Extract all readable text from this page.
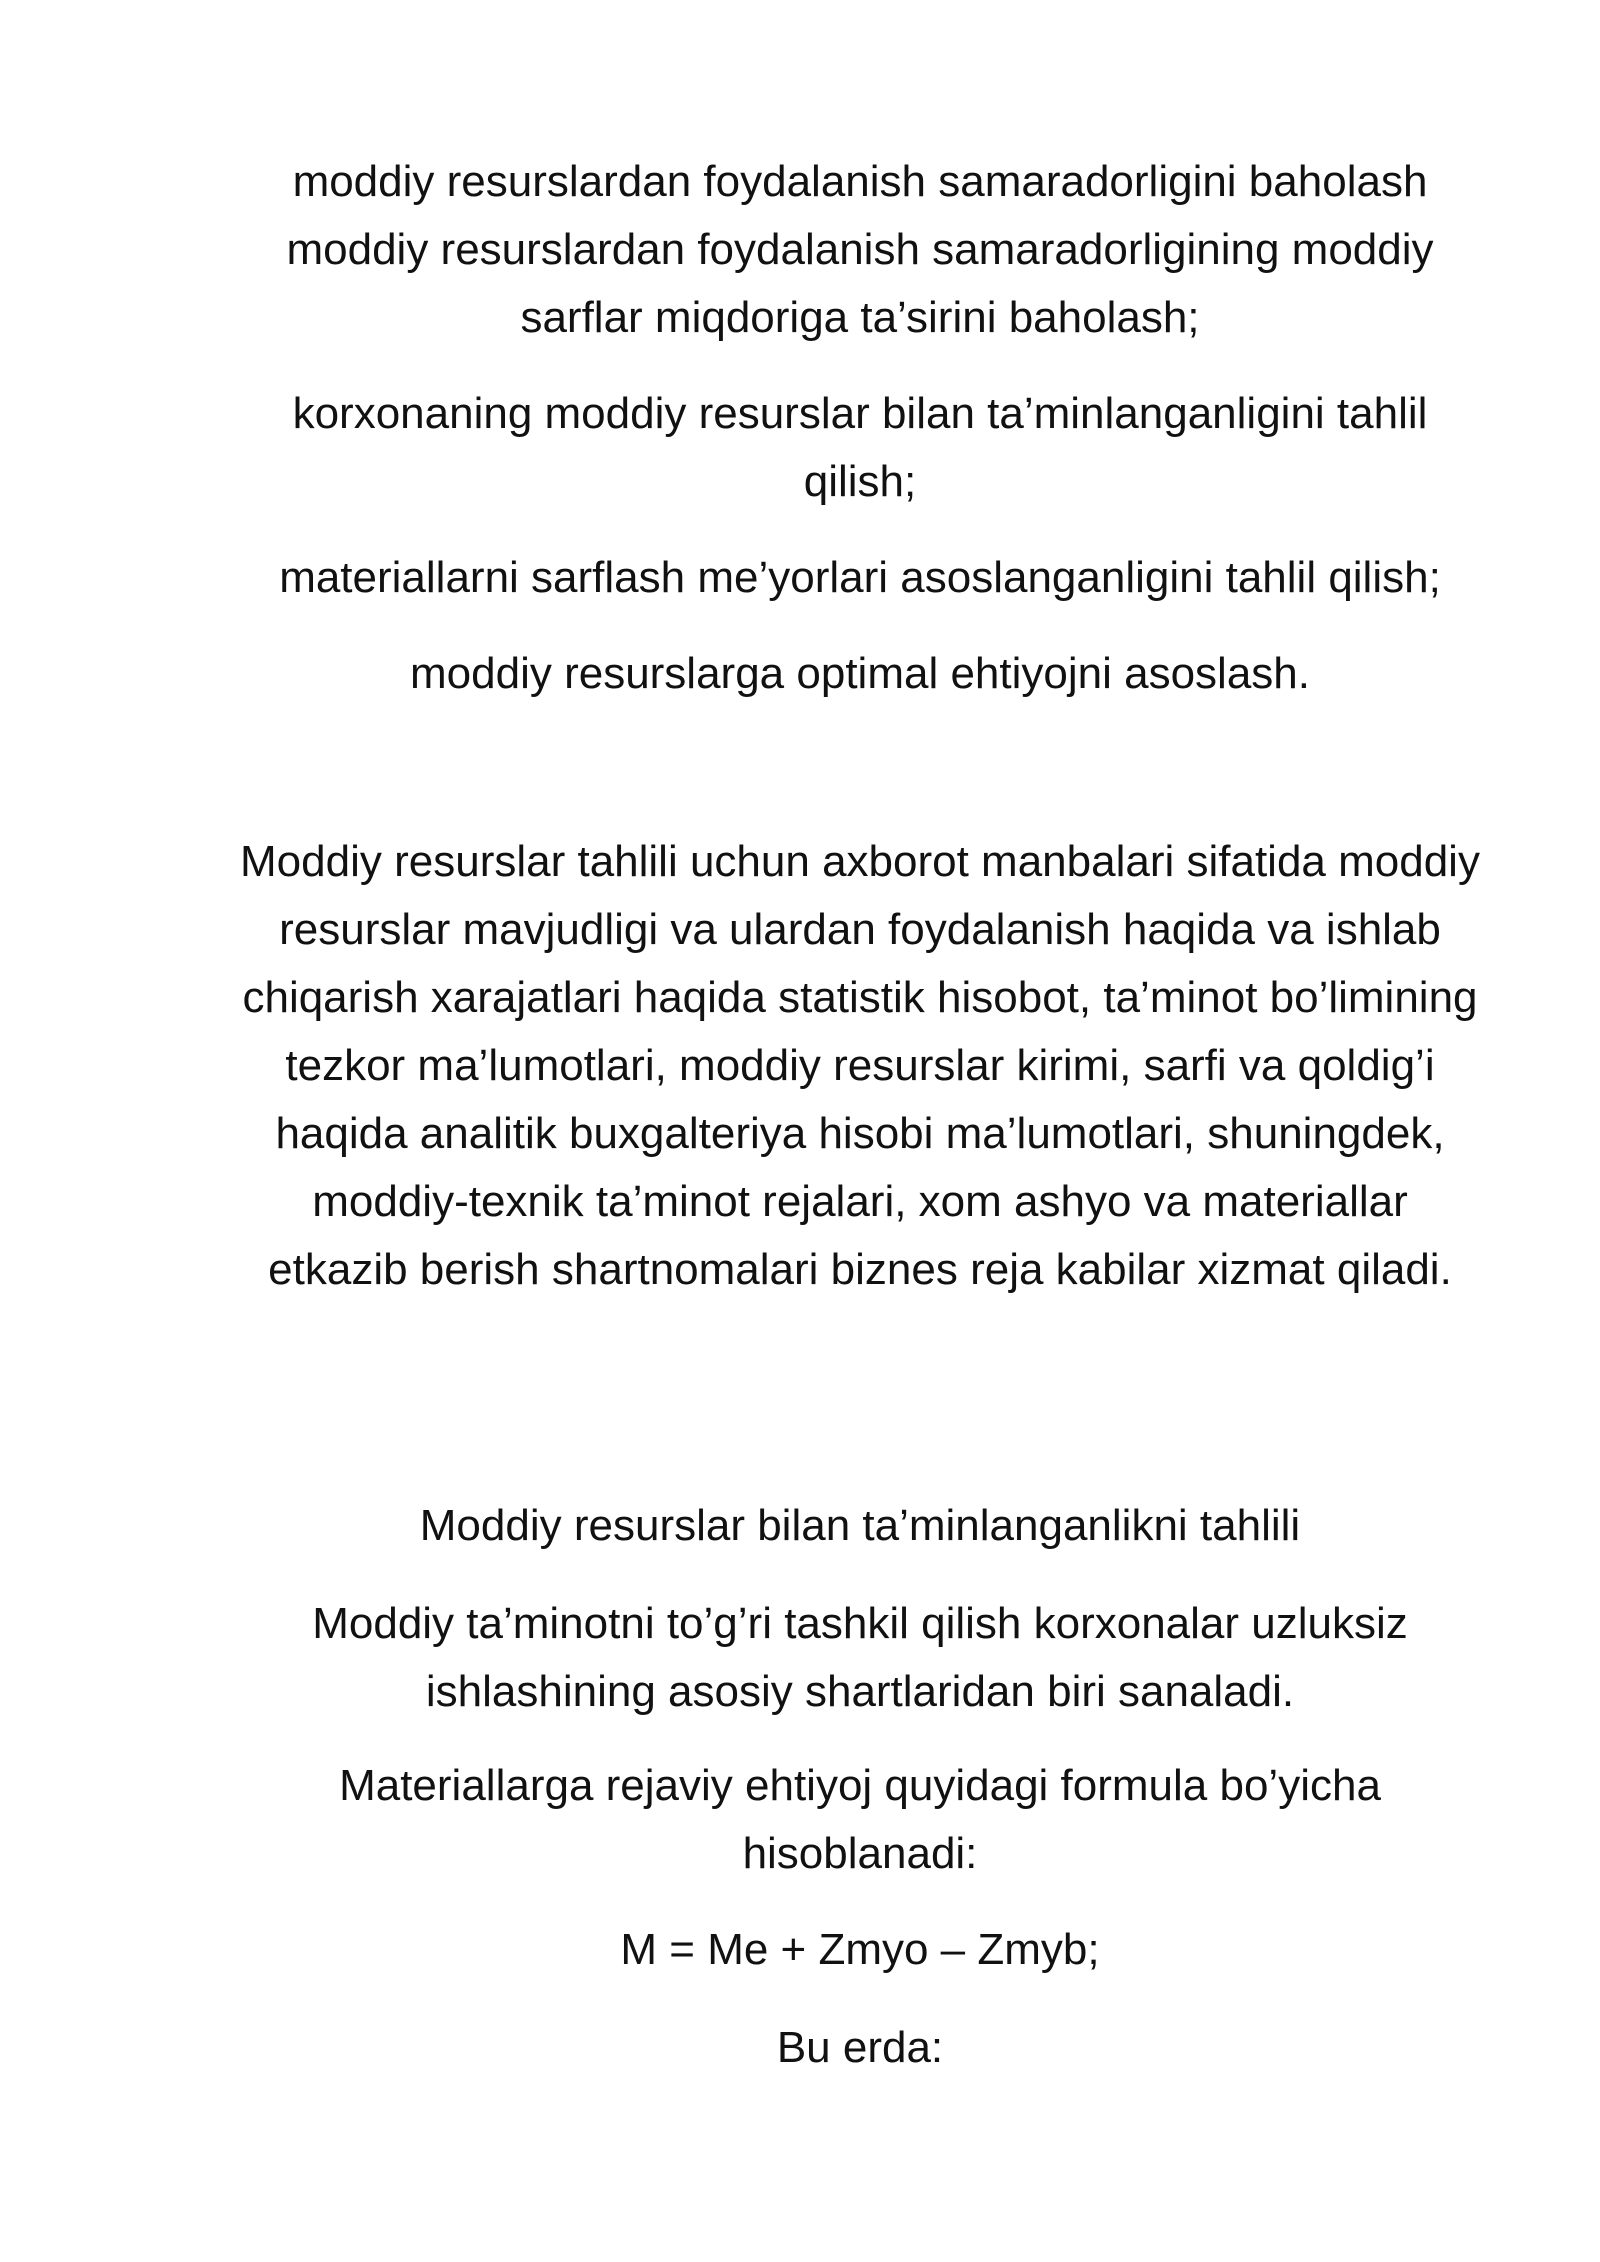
moddiy resurslardan foydalanish samaradorligini baholash moddiy resurslardan foydalanish samaradorligining moddiy sarflar miqdoriga ta’sirini baholash;

korxonaning moddiy resurslar bilan ta’minlanganligini tahlil qilish;

materiallarni sarflash me’yorlari asoslanganligini tahlil qilish;

moddiy resurslarga optimal ehtiyojni asoslash.

Moddiy resurslar tahlili uchun axborot manbalari sifatida moddiy resurslar mavjudligi va ulardan foydalanish haqida va ishlab chiqarish xarajatlari haqida statistik hisobot, ta’minot bo’limining tezkor ma’lumotlari, moddiy resurslar kirimi, sarfi va qoldig’i haqida analitik buxgalteriya hisobi ma’lumotlari, shuningdek, moddiy-texnik ta’minot rejalari, xom ashyo va materiallar etkazib berish shartnomalari biznes reja kabilar xizmat qiladi.

Moddiy resurslar bilan ta’minlanganlikni tahlili

Moddiy ta’minotni to’g’ri tashkil qilish korxonalar uzluksiz ishlashining asosiy shartlaridan biri sanaladi.

Materiallarga rejaviy ehtiyoj quyidagi formula bo’yicha hisoblanadi:

M = Me + Zmyo – Zmyb;

Bu erda:
